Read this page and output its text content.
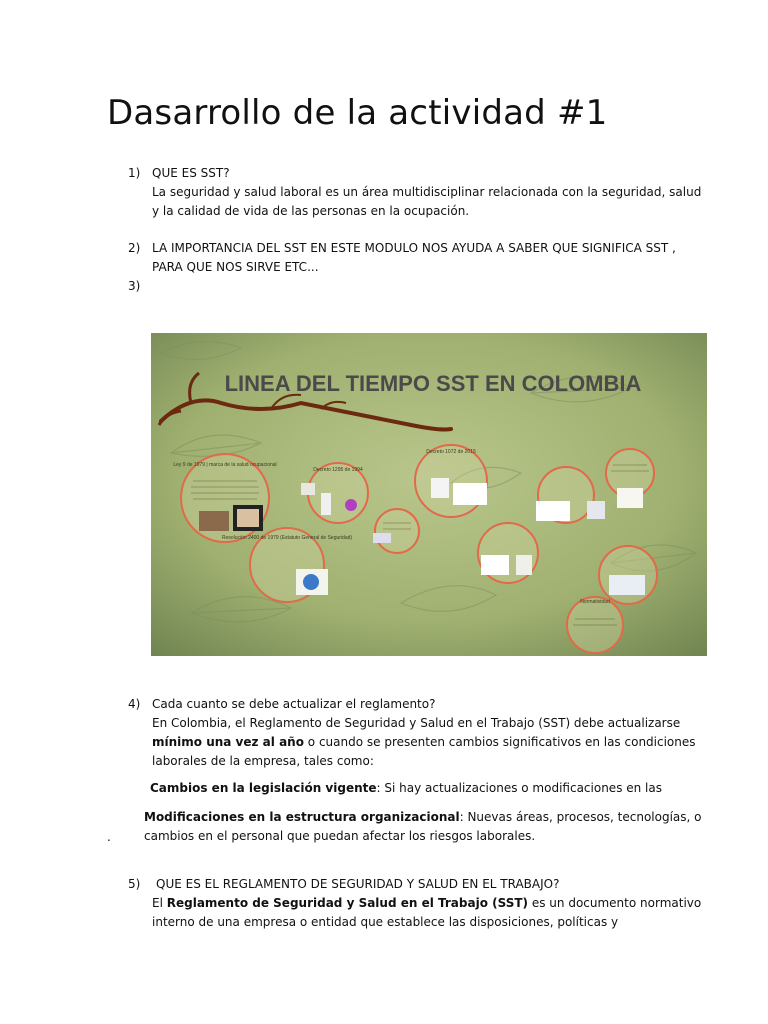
Dasarrollo de la actividad #1
1) QUE ES SST?
La seguridad y salud laboral es un área multidisciplinar relacionada con la seguridad, salud
y la calidad de vida de las personas en la ocupación.
2) LA IMPORTANCIA DEL SST EN ESTE MODULO NOS AYUDA A SABER QUE SIGNIFICA SST ,
PARA QUE NOS SIRVE ETC...
3)
LINEA DEL TIEMPO SST EN COLOMBIA
Ley 9 de 1979 | marca de la salud ocupacional
Resolución 2400 de 1979 (Estatuto General de Seguridad)
Decreto 1295 de 1994
Decreto 1072 de 2015
Normatividad
4) Cada cuanto se debe actualizar el reglamento?
En Colombia, el Reglamento de Seguridad y Salud en el Trabajo (SST) debe actualizarse
mínimo una vez al año o cuando se presenten cambios significativos en las condiciones
laborales de la empresa, tales como:
Cambios en la legislación vigente: Si hay actualizaciones o modificaciones en las
Modificaciones en la estructura organizacional: Nuevas áreas, procesos, tecnologías, o
cambios en el personal que puedan afectar los riesgos laborales.
.
5)	QUE ES EL REGLAMENTO DE SEGURIDAD Y SALUD EN EL TRABAJO?
El Reglamento de Seguridad y Salud en el Trabajo (SST) es un documento normativo
interno de una empresa o entidad que establece las disposiciones, políticas y
